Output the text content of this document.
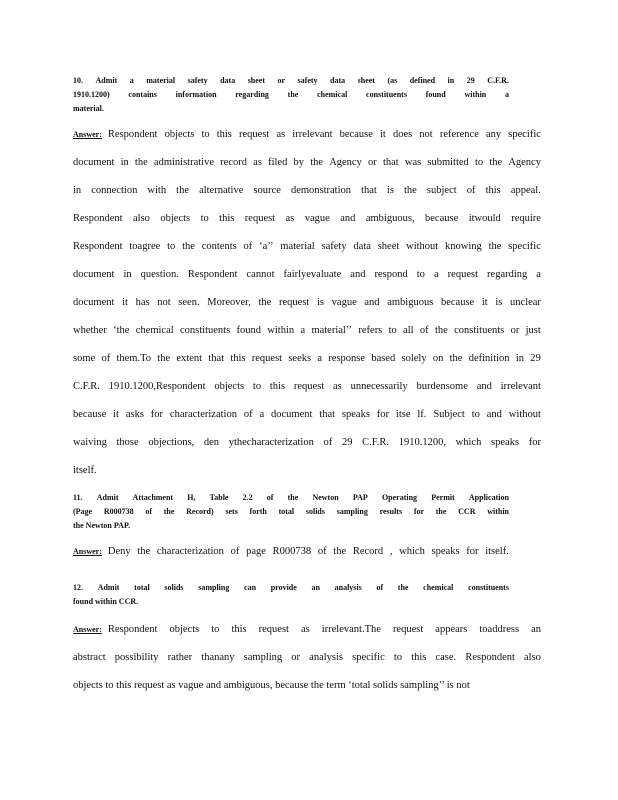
10. Admit a material safety data sheet or safety data sheet (as defined in 29 C.F.R.
1910.1200) contains information regarding the chemical constituents found within a
material.
Answer: Respondent objects to this request as irrelevant because it does not reference any specific
document in the administrative record as filed by the Agency or that was submitted to the Agency
in connection with the alternative source demonstration that is the subject of this appeal.
Respondent also objects to this request as vague and ambiguous, because itwould require
Respondent toagree to the contents of ‘a’’ material safety data sheet without knowing the specific
document in question. Respondent cannot fairlyevaluate and respond to a request regarding a
document it has not seen. Moreover, the request is vague and ambiguous because it is unclear
whether ‘the chemical constituents found within a material’’ refers to all of the constituents or just
some of them.To the extent that this request seeks a response based solely on the definition in 29
C.F.R. 1910.1200,Respondent objects to this request as unnecessarily burdensome and irrelevant
because it asks for characterization of a document that speaks for itse lf. Subject to and without
waiving those objections, den ythecharacterization of 29 C.F.R. 1910.1200, which speaks for
itself.
11. Admit Attachment H, Table 2.2 of the Newton PAP Operating Permit Application
(Page R000738 of the Record) sets forth total solids sampling results for the CCR within
the Newton PAP.
Answer: Deny the characterization of page R000738 of the Record , which speaks for itself.
12. Admit total solids sampling can provide an analysis of the chemical constituents
found within CCR.
Answer: Respondent objects to this request as irrelevant.The request appears toaddress an
abstract possibility rather thanany sampling or analysis specific to this case. Respondent also
objects to this request as vague and ambiguous, because the term ‘total solids sampling’’ is not
